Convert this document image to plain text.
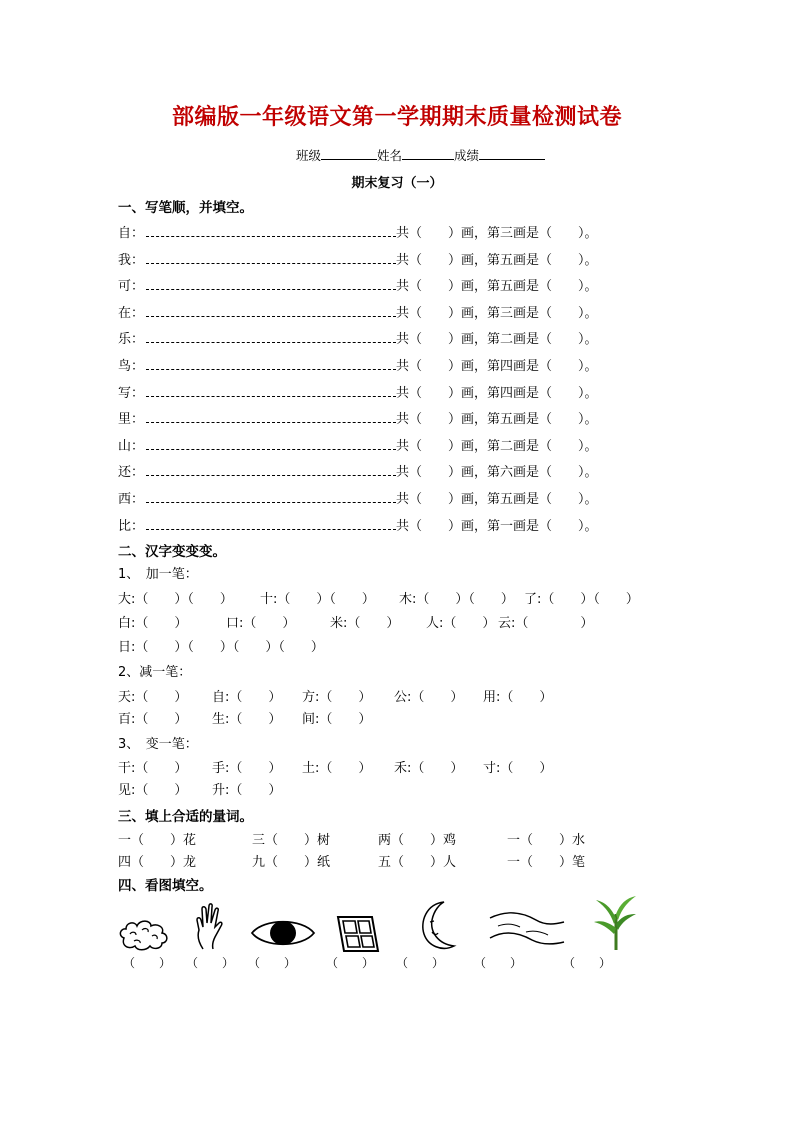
部编版一年级语文第一学期期末质量检测试卷
班级	姓名	成绩
期末复习（一）
一、写笔顺，并填空。
自：	共（　　）画，第三画是（　　）。
我：	共（　　）画，第五画是（　　）。
可：	共（　　）画，第五画是（　　）。
在：	共（　　）画，第三画是（　　）。
乐：	共（　　）画，第二画是（　　）。
鸟：	共（　　）画，第四画是（　　）。
写：	共（　　）画，第四画是（　　）。
里：	共（　　）画，第五画是（　　）。
山：	共（　　）画，第二画是（　　）。
还：	共（　　）画，第六画是（　　）。
西：	共（　　）画，第五画是（　　）。
比：	共（　　）画，第一画是（　　）。
二、汉字变变变。
1、　加一笔：
大:（　　）（　　） 十:（　　）（　　） 木:（　　）（　　） 了:（　　）（　　）
白:（　　）	口:（　　）	米:（　　） 人:（　　） 云:（　　　　）
日:（　　）（　　）（　　）（　　）
2、减一笔：
天:（　　） 自:（　　） 方:（　　） 公:（　　） 用:（　　）
百:（　　） 生:（　　） 间:（　　）
3、　变一笔：
干:（　　） 手:（　　） 土:（　　） 禾:（　　） 寸:（　　）
见:（　　） 升:（　　）
三、填上合适的量词。
一（　　）花	三（　　）树	两（　　）鸡	一（　　）水
四（　　）龙	九（　　）纸	五（　　）人	一（　　）笔
四、看图填空。
（　　） （　　） （　　） （　　） （　　） （　　）	（　　）
